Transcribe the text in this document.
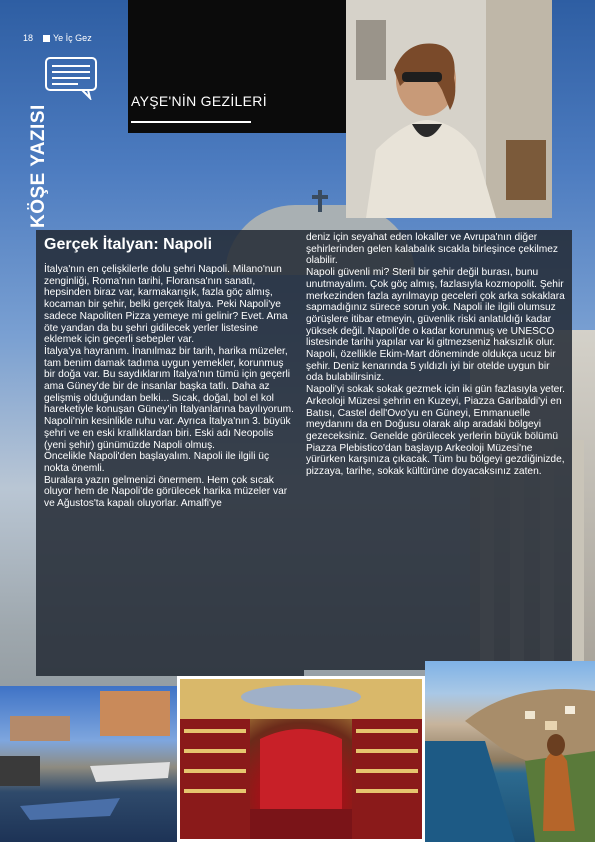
18 Ye İç Gez
KÖŞE YAZISI
AYŞE'NİN GEZİLERİ
Gerçek İtalyan: Napoli

İtalya'nın en çelişkilerle dolu şehri Napoli. Milano'nun zenginliği, Roma'nın tarihi, Floransa'nın sanatı, hepsinden biraz var, karmakarışık, fazla göç almış, kocaman bir şehir, belki gerçek İtalya. Peki Napoli'ye sadece Napoliten Pizza yemeye mi gelinir? Evet. Ama öte yandan da bu şehri gidilecek yerler listesine eklemek için geçerli sebepler var.

İtalya'ya hayranım. İnanılmaz bir tarih, harika müzeler, tam benim damak tadıma uygun yemekler, korunmuş bir doğa var. Bu saydıklarım İtalya'nın tümü için geçerli ama Güney'de bir de insanlar başka tatlı. Daha az gelişmiş olduğundan belki... Sıcak, doğal, bol el kol hareketiyle konuşan Güney'in İtalyanlarına bayılıyorum. Napoli'nin kesinlikle ruhu var. Ayrıca İtalya'nın 3. büyük şehri ve en eski krallıklardan biri. Eski adı Neopolis (yeni şehir) günümüzde Napoli olmuş.

Öncelikle Napoli'den başlayalım. Napoli ile ilgili üç nokta önemli.

Buralara yazın gelmenizi önermem. Hem çok sıcak oluyor hem de Napoli'de görülecek harika müzeler var ve Ağustos'ta kapalı oluyorlar. Amalfi'ye

deniz için seyahat eden lokaller ve Avrupa'nın diğer şehirlerinden gelen kalabalık sıcakla birleşince çekilmez olabilir.

Napoli güvenli mi? Steril bir şehir değil burası, bunu unutmayalım. Çok göç almış, fazlasıyla kozmopolit. Şehir merkezinden fazla ayrılmayıp geceleri çok arka sokaklara sapmadığınız sürece sorun yok. Napoli ile ilgili olumsuz görüşlere itibar etmeyin, güvenlik riski anlatıldığı kadar yüksek değil. Napoli'de o kadar korunmuş ve UNESCO listesinde tarihi yapılar var ki gitmezseniz haksızlık olur.

Napoli, özellikle Ekim-Mart döneminde oldukça ucuz bir şehir. Deniz kenarında 5 yıldızlı iyi bir otelde uygun bir oda bulabilirsiniz.

Napoli'yi sokak sokak gezmek için iki gün fazlasıyla yeter. Arkeoloji Müzesi şehrin en Kuzeyi, Piazza Garibaldi'yi en Batısı, Castel dell'Ovo'yu en Güneyi, Emmanuelle meydanını da en Doğusu olarak alıp aradaki bölgeyi gezeceksiniz. Genelde görülecek yerlerin büyük bölümü Piazza Plebistico'dan başlayıp Arkeoloji Müzesi'ne yürürken karşınıza çıkacak. Tüm bu bölgeyi gezdiğinizde, pizzaya, tarihe, sokak kültürüne doyacaksınız zaten.
